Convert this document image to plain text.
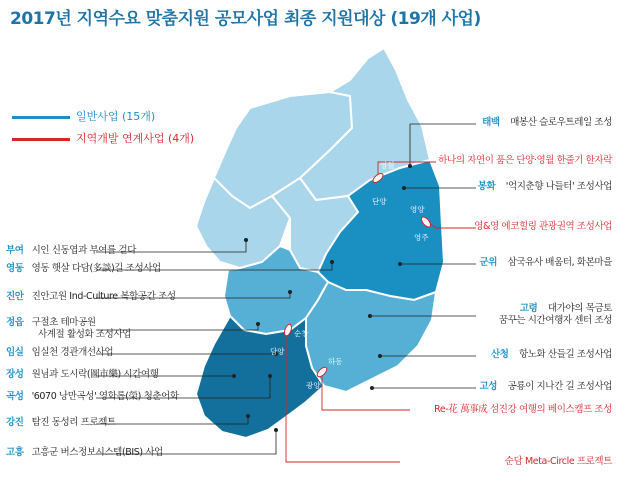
2017년 지역수요 맞춤지원 공모사업 최종 지원대상 (19개 사업)
일반사업 (15개)
지역개발 연계사업 (4개)
영월
단양
영양
영주
순창
담양
하동
광양
부여 시인 신동엽과 부여를 걷다
영동 영동 햇살 다담(多談)길 조성사업
진안 진안고원 Ind-Culture 복합공간 조성
정읍 구절초 테마공원
사계절 활성화 조성사업
임실 임실천 경관개선사업
장성 원님과 도시락(圖市樂) 시간여행
곡성 '6070 낭만곡성' 영화롭(榮) 청춘어화
강진 탐진 동성리 프로젝트
고흥 고흥군 버스정보시스템(BIS) 사업
태백 매봉산 슬로우트레일 조성
하나의 자연이 품은 단양·영월 한줄기 한자락
봉화 '억지춘향 나들터' 조성사업
영&영 에코힐링 관광권역 조성사업
군위 삼국유사 배움터, 화본마을
고령 대가야의 목금토
꿈꾸는 시간여행자 센터 조성
산청 항노화 산들길 조성사업
고성 공룡이 지나간 길 조성사업
Re-花 萬事成 섬진강 여행의 베이스캠프 조성
순담 Meta-Circle 프로젝트
